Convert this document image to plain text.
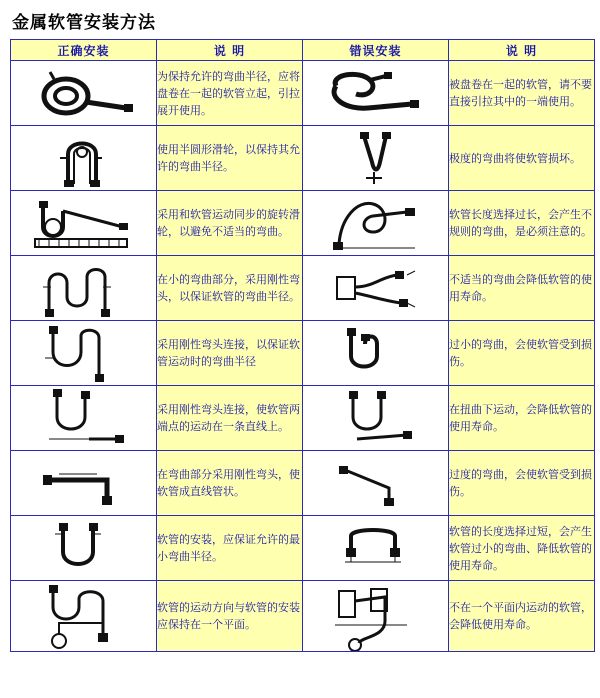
金属软管安装方法
正确安装	说 明	错误安装	说 明

	为保持允许的弯曲半径，应将盘卷在一起的软管立起，引拉展开使用。		被盘卷在一起的软管，请不要直接引拉其中的一端使用。

	使用半圆形滑轮，以保持其允许的弯曲半径。		极度的弯曲将使软管损坏。

	采用和软管运动同步的旋转滑轮，以避免不适当的弯曲。		软管长度选择过长，会产生不规则的弯曲，是必须注意的。

	在小的弯曲部分，采用刚性弯头，以保证软管的弯曲半径。		不适当的弯曲会降低软管的使用寿命。

	采用刚性弯头连接，以保证软管运动时的弯曲半径		过小的弯曲，会使软管受到损伤。

	采用刚性弯头连接，使软管两端点的运动在一条直线上。		在扭曲下运动，会降低软管的使用寿命。

	在弯曲部分采用刚性弯头，使软管成直线管状。		过度的弯曲，会使软管受到损伤。

	软管的安装，应保证允许的最小弯曲半径。		软管的长度选择过短，会产生软管过小的弯曲、降低软管的使用寿命。

	软管的运动方向与软管的安装应保持在一个平面。		不在一个平面内运动的软管，会降低使用寿命。
